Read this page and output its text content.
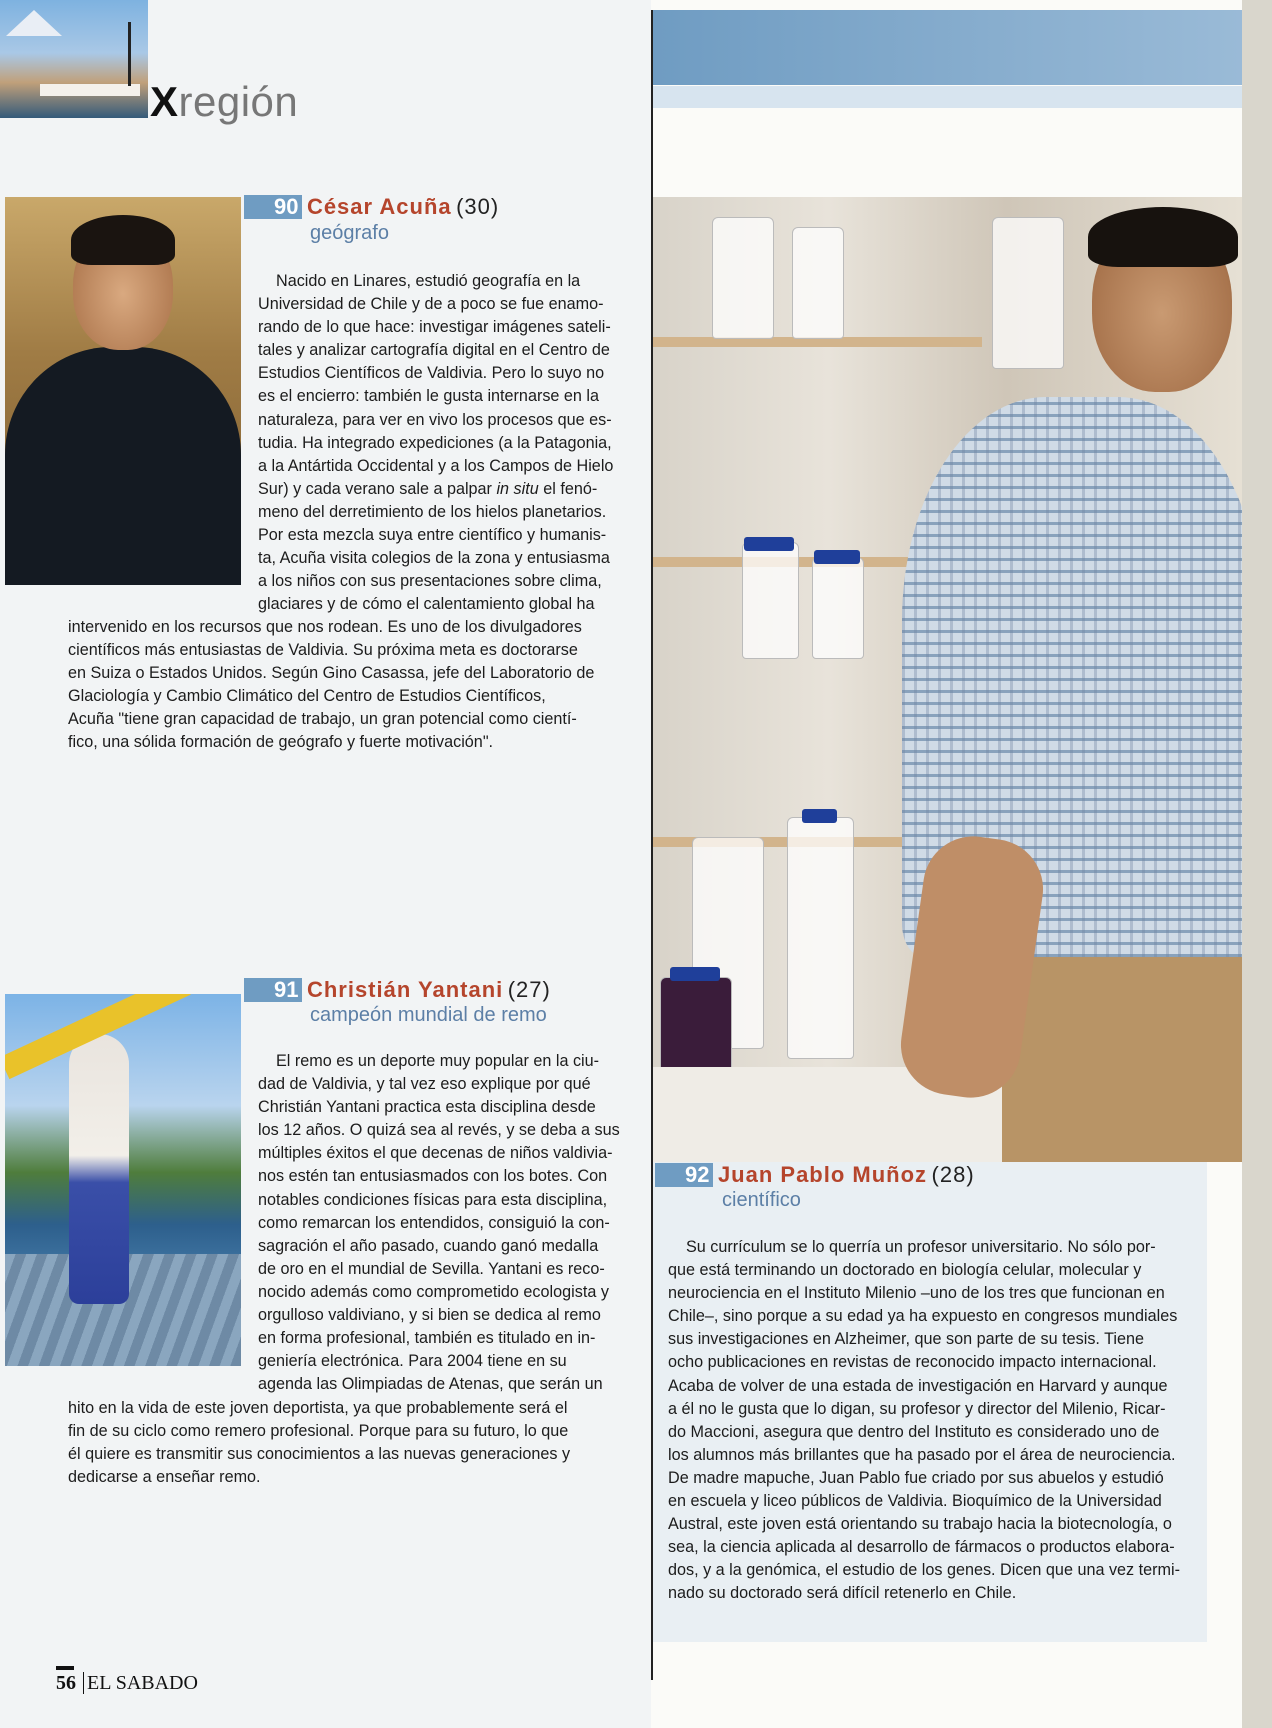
Xregión
90 César Acuña (30)
geógrafo
Nacido en Linares, estudió geografía en la
Universidad de Chile y de a poco se fue enamo-
rando de lo que hace: investigar imágenes sateli-
tales y analizar cartografía digital en el Centro de
Estudios Científicos de Valdivia. Pero lo suyo no
es el encierro: también le gusta internarse en la
naturaleza, para ver en vivo los procesos que es-
tudia. Ha integrado expediciones (a la Patagonia,
a la Antártida Occidental y a los Campos de Hielo
Sur) y cada verano sale a palpar in situ el fenó-
meno del derretimiento de los hielos planetarios.
Por esta mezcla suya entre científico y humanis-
ta, Acuña visita colegios de la zona y entusiasma
a los niños con sus presentaciones sobre clima,
glaciares y de cómo el calentamiento global ha
intervenido en los recursos que nos rodean. Es uno de los divulgadores
científicos más entusiastas de Valdivia. Su próxima meta es doctorarse
en Suiza o Estados Unidos. Según Gino Casassa, jefe del Laboratorio de
Glaciología y Cambio Climático del Centro de Estudios Científicos,
Acuña "tiene gran capacidad de trabajo, un gran potencial como cientí-
fico, una sólida formación de geógrafo y fuerte motivación".
91 Christián Yantani (27)
campeón mundial de remo
El remo es un deporte muy popular en la ciu-
dad de Valdivia, y tal vez eso explique por qué
Christián Yantani practica esta disciplina desde
los 12 años. O quizá sea al revés, y se deba a sus
múltiples éxitos el que decenas de niños valdivia-
nos estén tan entusiasmados con los botes. Con
notables condiciones físicas para esta disciplina,
como remarcan los entendidos, consiguió la con-
sagración el año pasado, cuando ganó medalla
de oro en el mundial de Sevilla. Yantani es reco-
nocido además como comprometido ecologista y
orgulloso valdiviano, y si bien se dedica al remo
en forma profesional, también es titulado en in-
geniería electrónica. Para 2004 tiene en su
agenda las Olimpiadas de Atenas, que serán un
hito en la vida de este joven deportista, ya que probablemente será el
fin de su ciclo como remero profesional. Porque para su futuro, lo que
él quiere es transmitir sus conocimientos a las nuevas generaciones y
dedicarse a enseñar remo.
92 Juan Pablo Muñoz (28)
científico
Su currículum se lo querría un profesor universitario. No sólo por-
que está terminando un doctorado en biología celular, molecular y
neurociencia en el Instituto Milenio –uno de los tres que funcionan en
Chile–, sino porque a su edad ya ha expuesto en congresos mundiales
sus investigaciones en Alzheimer, que son parte de su tesis. Tiene
ocho publicaciones en revistas de reconocido impacto internacional.
Acaba de volver de una estada de investigación en Harvard y aunque
a él no le gusta que lo digan, su profesor y director del Milenio, Ricar-
do Maccioni, asegura que dentro del Instituto es considerado uno de
los alumnos más brillantes que ha pasado por el área de neurociencia.
De madre mapuche, Juan Pablo fue criado por sus abuelos y estudió
en escuela y liceo públicos de Valdivia. Bioquímico de la Universidad
Austral, este joven está orientando su trabajo hacia la biotecnología, o
sea, la ciencia aplicada al desarrollo de fármacos o productos elabora-
dos, y a la genómica, el estudio de los genes. Dicen que una vez termi-
nado su doctorado será difícil retenerlo en Chile.
56 EL SABADO
